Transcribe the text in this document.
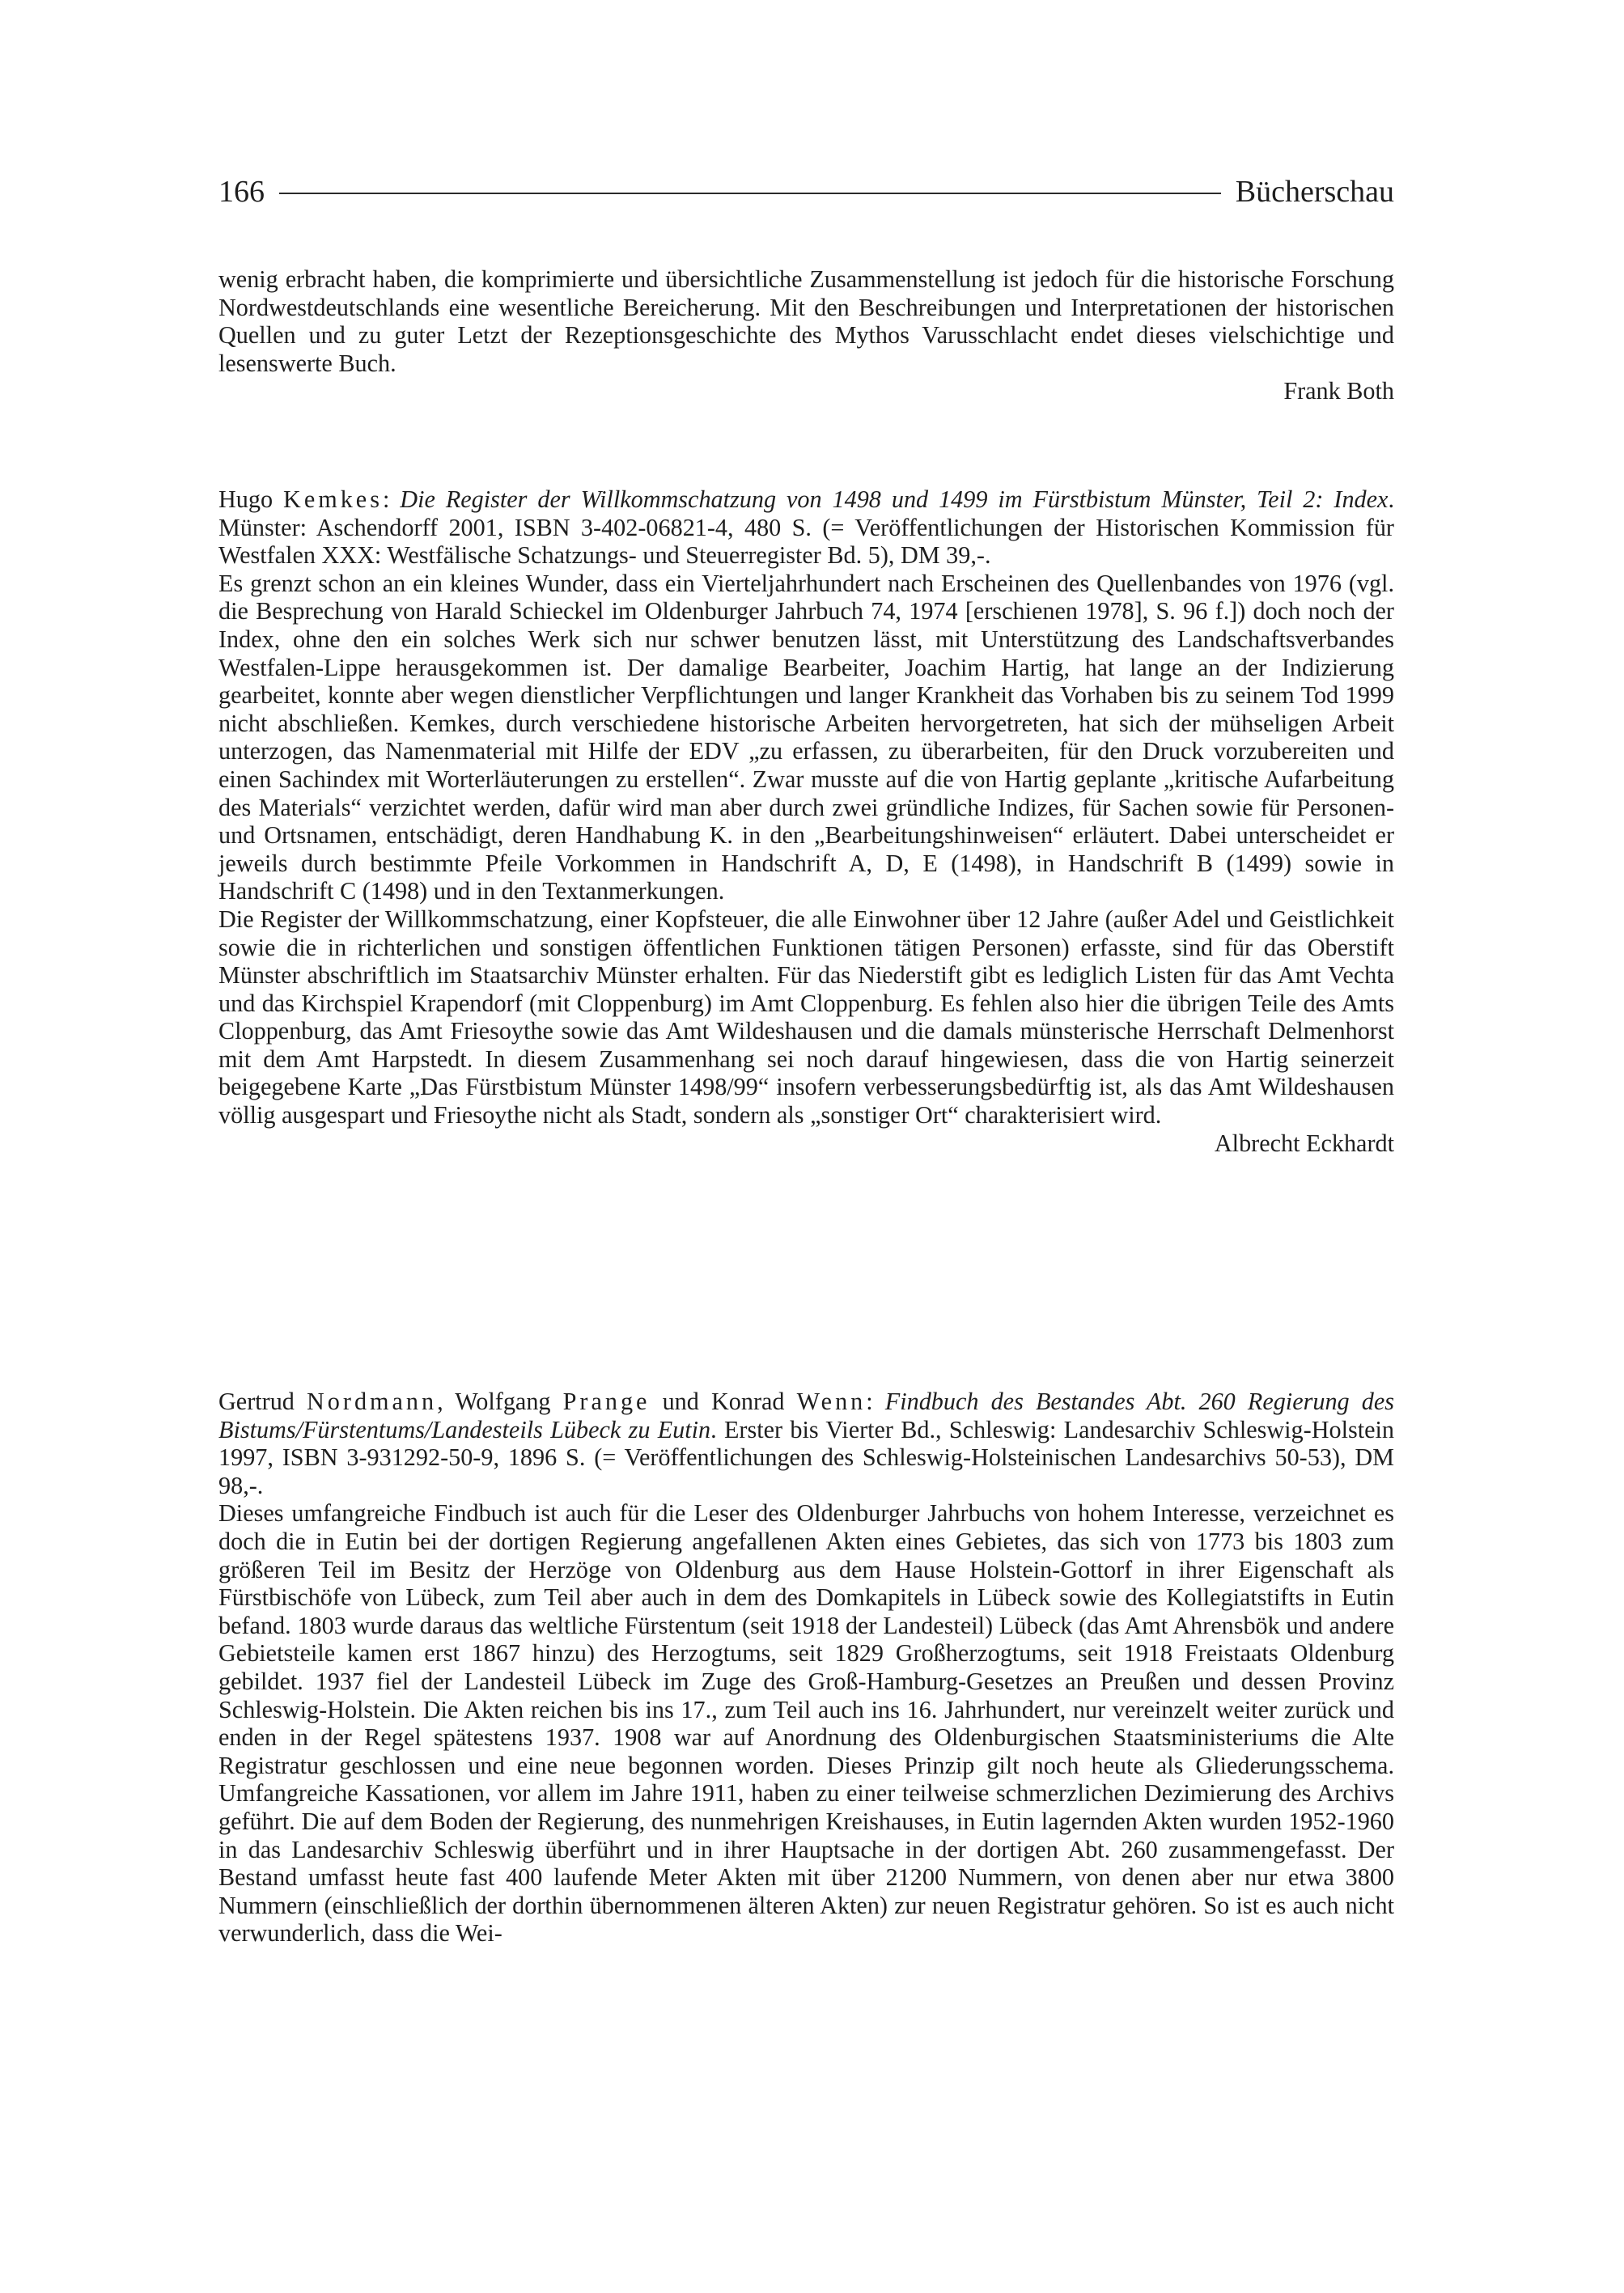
166	Bücherschau

wenig erbracht haben, die komprimierte und übersichtliche Zusammenstellung ist jedoch für die historische Forschung Nordwestdeutschlands eine wesentliche Bereicherung. Mit den Beschreibungen und Interpretationen der historischen Quellen und zu guter Letzt der Rezeptionsgeschichte des Mythos Varusschlacht endet dieses vielschichtige und lesenswerte Buch.

Frank Both

Hugo Kemkes: Die Register der Willkommschatzung von 1498 und 1499 im Fürstbistum Münster, Teil 2: Index. Münster: Aschendorff 2001, ISBN 3-402-06821-4, 480 S. (= Veröffentlichungen der Historischen Kommission für Westfalen XXX: Westfälische Schatzungs- und Steuerregister Bd. 5), DM 39,-.

Es grenzt schon an ein kleines Wunder, dass ein Vierteljahrhundert nach Erscheinen des Quellenbandes von 1976 (vgl. die Besprechung von Harald Schieckel im Oldenburger Jahrbuch 74, 1974 [erschienen 1978], S. 96 f.]) doch noch der Index, ohne den ein solches Werk sich nur schwer benutzen lässt, mit Unterstützung des Landschaftsverbandes Westfalen-Lippe herausgekommen ist. Der damalige Bearbeiter, Joachim Hartig, hat lange an der Indizierung gearbeitet, konnte aber wegen dienstlicher Verpflichtungen und langer Krankheit das Vorhaben bis zu seinem Tod 1999 nicht abschließen. Kemkes, durch verschiedene historische Arbeiten hervorgetreten, hat sich der mühseligen Arbeit unterzogen, das Namenmaterial mit Hilfe der EDV „zu erfassen, zu überarbeiten, für den Druck vorzubereiten und einen Sachindex mit Worterläuterungen zu erstellen“. Zwar musste auf die von Hartig geplante „kritische Aufarbeitung des Materials“ verzichtet werden, dafür wird man aber durch zwei gründliche Indizes, für Sachen sowie für Personen- und Ortsnamen, entschädigt, deren Handhabung K. in den „Bearbeitungshinweisen“ erläutert. Dabei unterscheidet er jeweils durch bestimmte Pfeile Vorkommen in Handschrift A, D, E (1498), in Handschrift B (1499) sowie in Handschrift C (1498) und in den Textanmerkungen.

Die Register der Willkommschatzung, einer Kopfsteuer, die alle Einwohner über 12 Jahre (außer Adel und Geistlichkeit sowie die in richterlichen und sonstigen öffentlichen Funktionen tätigen Personen) erfasste, sind für das Oberstift Münster abschriftlich im Staatsarchiv Münster erhalten. Für das Niederstift gibt es lediglich Listen für das Amt Vechta und das Kirchspiel Krapendorf (mit Cloppenburg) im Amt Cloppenburg. Es fehlen also hier die übrigen Teile des Amts Cloppenburg, das Amt Friesoythe sowie das Amt Wildeshausen und die damals münsterische Herrschaft Delmenhorst mit dem Amt Harpstedt. In diesem Zusammenhang sei noch darauf hingewiesen, dass die von Hartig seinerzeit beigegebene Karte „Das Fürstbistum Münster 1498/99“ insofern verbesserungsbedürftig ist, als das Amt Wildeshausen völlig ausgespart und Friesoythe nicht als Stadt, sondern als „sonstiger Ort“ charakterisiert wird.

Albrecht Eckhardt

Gertrud Nordmann, Wolfgang Prange und Konrad Wenn: Findbuch des Bestandes Abt. 260 Regierung des Bistums/Fürstentums/Landesteils Lübeck zu Eutin. Erster bis Vierter Bd., Schleswig: Landesarchiv Schleswig-Holstein 1997, ISBN 3-931292-50-9, 1896 S. (= Veröffentlichungen des Schleswig-Holsteinischen Landesarchivs 50-53), DM 98,-.

Dieses umfangreiche Findbuch ist auch für die Leser des Oldenburger Jahrbuchs von hohem Interesse, verzeichnet es doch die in Eutin bei der dortigen Regierung angefallenen Akten eines Gebietes, das sich von 1773 bis 1803 zum größeren Teil im Besitz der Herzöge von Oldenburg aus dem Hause Holstein-Gottorf in ihrer Eigenschaft als Fürstbischöfe von Lübeck, zum Teil aber auch in dem des Domkapitels in Lübeck sowie des Kollegiatstifts in Eutin befand. 1803 wurde daraus das weltliche Fürstentum (seit 1918 der Landesteil) Lübeck (das Amt Ahrensbök und andere Gebietsteile kamen erst 1867 hinzu) des Herzogtums, seit 1829 Großherzogtums, seit 1918 Freistaats Oldenburg gebildet. 1937 fiel der Landesteil Lübeck im Zuge des Groß-Hamburg-Gesetzes an Preußen und dessen Provinz Schleswig-Holstein. Die Akten reichen bis ins 17., zum Teil auch ins 16. Jahrhundert, nur vereinzelt weiter zurück und enden in der Regel spätestens 1937. 1908 war auf Anordnung des Oldenburgischen Staatsministeriums die Alte Registratur geschlossen und eine neue begonnen worden. Dieses Prinzip gilt noch heute als Gliederungsschema. Umfangreiche Kassationen, vor allem im Jahre 1911, haben zu einer teilweise schmerzlichen Dezimierung des Archivs geführt. Die auf dem Boden der Regierung, des nunmehrigen Kreishauses, in Eutin lagernden Akten wurden 1952-1960 in das Landesarchiv Schleswig überführt und in ihrer Hauptsache in der dortigen Abt. 260 zusammengefasst. Der Bestand umfasst heute fast 400 laufende Meter Akten mit über 21200 Nummern, von denen aber nur etwa 3800 Nummern (einschließlich der dorthin übernommenen älteren Akten) zur neuen Registratur gehören. So ist es auch nicht verwunderlich, dass die Wei-
